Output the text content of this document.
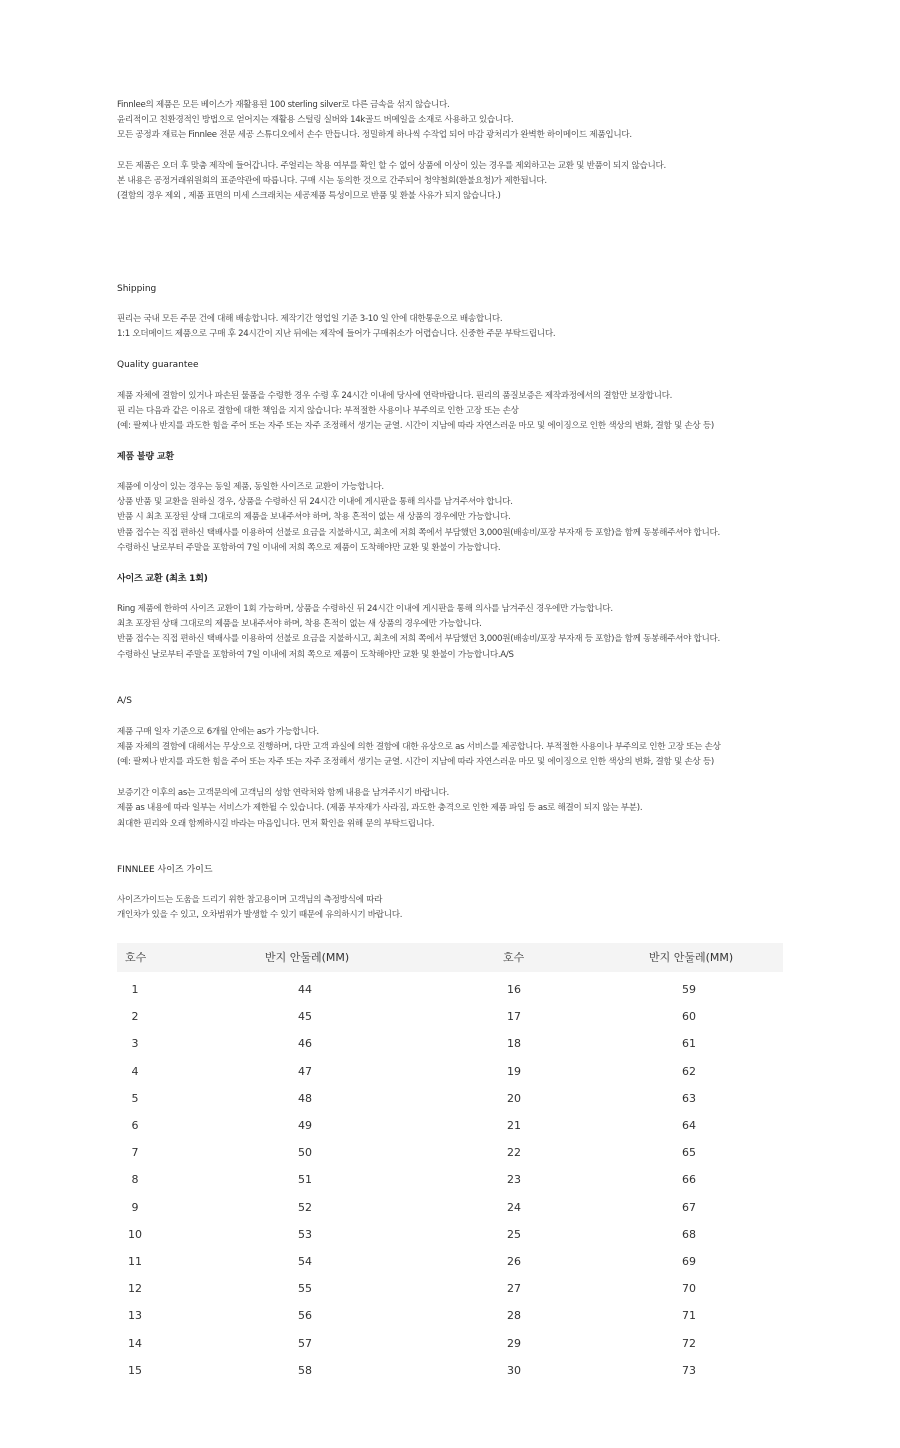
Finnlee의 제품은 모든 베이스가 재활용된 100 sterling silver로 다른 금속을 섞지 않습니다.
윤리적이고 친환경적인 방법으로 얻어지는 재활용 스털링 실버와 14k골드 버메일을 소재로 사용하고 있습니다.
모든 공정과 재료는 Finnlee 전문 세공 스튜디오에서 손수 만듭니다. 정밀하게 하나씩 수작업 되어 마감 광처리가 완벽한 하이메이드 제품입니다.
모든 제품은 오더 후 맞춤 제작에 들어갑니다. 주얼리는 착용 여부를 확인 할 수 없어 상품에 이상이 있는 경우를 제외하고는 교환 및 반품이 되지 않습니다.
본 내용은 공정거래위원회의 표준약관에 따릅니다. 구매 시는 동의한 것으로 간주되어 청약철회(환불요청)가 제한됩니다.
(결함의 경우 제외 , 제품 표면의 미세 스크래치는 세공제품 특성이므로 반품 및 환불 사유가 되지 않습니다.)
Shipping
핀리는 국내 모든 주문 건에 대해 배송합니다. 제작기간 영업일 기준 3-10 일 안에 대한통운으로 배송합니다.
1:1 오더메이드 제품으로 구매 후 24시간이 지난 뒤에는 제작에 들어가 구매취소가 어렵습니다. 신중한 주문 부탁드립니다.
Quality guarantee
제품 자체에 결함이 있거나 파손된 물품을 수령한 경우 수령 후 24시간 이내에 당사에 연락바랍니다. 핀리의 품질보증은 제작과정에서의 결함만 보장합니다.
핀 리는 다음과 같은 이유로 결함에 대한 책임을 지지 않습니다: 부적절한 사용이나 부주의로 인한 고장 또는 손상
(예: 팔찌나 반지를 과도한 힘을 주어 또는 자주 또는 자주 조정해서 생기는 균열. 시간이 지남에 따라 자연스러운 마모 및 에이징으로 인한 색상의 변화, 결함 및 손상 등)
제품 불량 교환
제품에 이상이 있는 경우는 동일 제품, 동일한 사이즈로 교환이 가능합니다.
상품 반품 및 교환을 원하실 경우, 상품을 수령하신 뒤 24시간 이내에 게시판을 통해 의사를 남겨주셔야 합니다.
반품 시 최초 포장된 상태 그대로의 제품을 보내주셔야 하며, 착용 흔적이 없는 새 상품의 경우에만 가능합니다.
반품 접수는 직접 편하신 택배사를 이용하여 선불로 요금을 지불하시고, 최초에 저희 쪽에서 부담했던 3,000원(배송비/포장 부자재 등 포함)을 함께 동봉해주셔야 합니다.
수령하신 날로부터 주말을 포함하여 7일 이내에 저희 쪽으로 제품이 도착해야만 교환 및 환불이 가능합니다.
사이즈 교환 (최초 1회)
Ring 제품에 한하여 사이즈 교환이 1회 가능하며, 상품을 수령하신 뒤 24시간 이내에 게시판을 통해 의사를 남겨주신 경우에만 가능합니다.
최초 포장된 상태 그대로의 제품을 보내주셔야 하며, 착용 흔적이 없는 새 상품의 경우에만 가능합니다.
반품 접수는 직접 편하신 택배사를 이용하여 선불로 요금을 지불하시고, 최초에 저희 쪽에서 부담했던 3,000원(배송비/포장 부자재 등 포함)을 함께 동봉해주셔야 합니다.
수령하신 날로부터 주말을 포함하여 7일 이내에 저희 쪽으로 제품이 도착해야만 교환 및 환불이 가능합니다.A/S
A/S
제품 구매 일자 기준으로 6개월 안에는 as가 가능합니다.
제품 자체의 결함에 대해서는 무상으로 진행하며, 다만 고객 과실에 의한 결함에 대한 유상으로 as 서비스를 제공합니다. 부적절한 사용이나 부주의로 인한 고장 또는 손상
(예: 팔찌나 반지를 과도한 힘을 주어 또는 자주 또는 자주 조정해서 생기는 균열. 시간이 지남에 따라 자연스러운 마모 및 에이징으로 인한 색상의 변화, 결함 및 손상 등)
보증기간 이후의 as는 고객문의에 고객님의 성함 연락처와 함께 내용을 남겨주시기 바랍니다.
제품 as 내용에 따라 일부는 서비스가 제한될 수 있습니다. (제품 부자재가 사라짐, 과도한 충격으로 인한 제품 파임 등 as로 해결이 되지 않는 부분).
최대한 핀리와 오래 함께하시길 바라는 마음입니다. 먼저 확인을 위해 문의 부탁드립니다.
FINNLEE 사이즈 가이드
사이즈가이드는 도움을 드리기 위한 참고용이며 고객님의 측정방식에 따라
개인차가 있을 수 있고, 오차범위가 발생할 수 있기 때문에 유의하시기 바랍니다.
호수	반지 안둘레(MM)	호수	반지 안둘레(MM)
1	44	16	59
2	45	17	60
3	46	18	61
4	47	19	62
5	48	20	63
6	49	21	64
7	50	22	65
8	51	23	66
9	52	24	67
10	53	25	68
11	54	26	69
12	55	27	70
13	56	28	71
14	57	29	72
15	58	30	73
